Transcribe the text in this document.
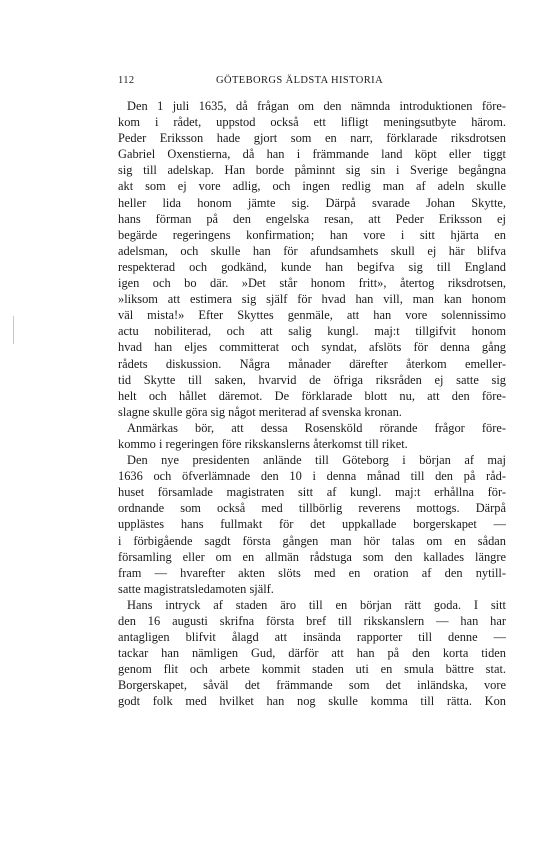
112	GÖTEBORGS ÄLDSTA HISTORIA
Den 1 juli 1635, då frågan om den nämnda introduktionen före-
kom i rådet, uppstod också ett lifligt meningsutbyte härom.
Peder Eriksson hade gjort som en narr, förklarade riksdrotsen
Gabriel Oxenstierna, då han i främmande land köpt eller tiggt
sig till adelskap. Han borde påminnt sig sin i Sverige begångna
akt som ej vore adlig, och ingen redlig man af adeln skulle
heller lida honom jämte sig. Därpå svarade Johan Skytte,
hans förman på den engelska resan, att Peder Eriksson ej
begärde regeringens konfirmation; han vore i sitt hjärta en
adelsman, och skulle han för afundsamhets skull ej här blifva
respekterad och godkänd, kunde han begifva sig till England
igen och bo där. »Det står honom fritt», återtog riksdrotsen,
»liksom att estimera sig själf för hvad han vill, man kan honom
väl mista!» Efter Skyttes genmäle, att han vore solennissimo
actu nobiliterad, och att salig kungl. maj:t tillgifvit honom
hvad han eljes committerat och syndat, afslöts för denna gång
rådets diskussion. Några månader därefter återkom emeller-
tid Skytte till saken, hvarvid de öfriga riksråden ej satte sig
helt och hållet däremot. De förklarade blott nu, att den före-
slagne skulle göra sig något meriterad af svenska kronan.
Anmärkas bör, att dessa Rosensköld rörande frågor före-
kommo i regeringen före rikskanslerns återkomst till riket.
Den nye presidenten anlände till Göteborg i början af maj
1636 och öfverlämnade den 10 i denna månad till den på råd-
huset församlade magistraten sitt af kungl. maj:t erhållna för-
ordnande som också med tillbörlig reverens mottogs. Därpå
upplästes hans fullmakt för det uppkallade borgerskapet —
i förbigående sagdt första gången man hör talas om en sådan
församling eller om en allmän rådstuga som den kallades längre
fram — hvarefter akten slöts med en oration af den nytill-
satte magistratsledamoten själf.
Hans intryck af staden äro till en början rätt goda. I sitt
den 16 augusti skrifna första bref till rikskanslern — han har
antagligen blifvit ålagd att insända rapporter till denne —
tackar han nämligen Gud, därför att han på den korta tiden
genom flit och arbete kommit staden uti en smula bättre stat.
Borgerskapet, såväl det främmande som det inländska, vore
godt folk med hvilket han nog skulle komma till rätta. Kon
